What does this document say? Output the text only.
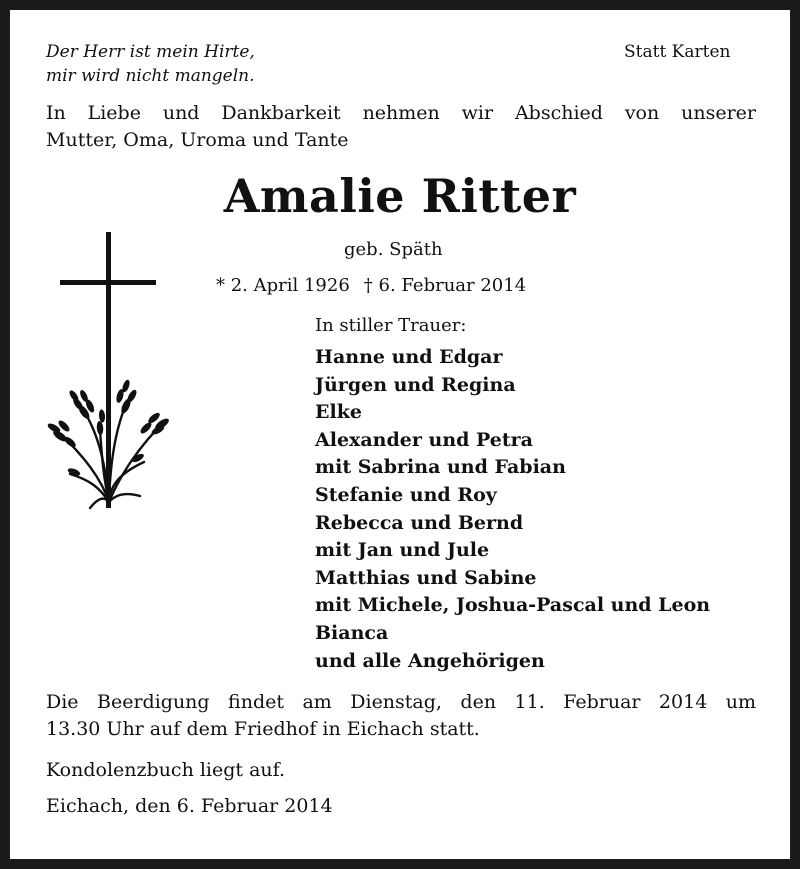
Der Herr ist mein Hirte,
mir wird nicht mangeln.
Statt Karten
In Liebe und Dankbarkeit nehmen wir Abschied von unserer
Mutter, Oma, Uroma und Tante
Amalie Ritter
geb. Späth
* 2. April 1926 † 6. Februar 2014
In stiller Trauer:
Hanne und Edgar
Jürgen und Regina
Elke
Alexander und Petra
mit Sabrina und Fabian
Stefanie und Roy
Rebecca und Bernd
mit Jan und Jule
Matthias und Sabine
mit Michele, Joshua-Pascal und Leon
Bianca
und alle Angehörigen
Die Beerdigung findet am Dienstag, den 11. Februar 2014 um
13.30 Uhr auf dem Friedhof in Eichach statt.
Kondolenzbuch liegt auf.
Eichach, den 6. Februar 2014
